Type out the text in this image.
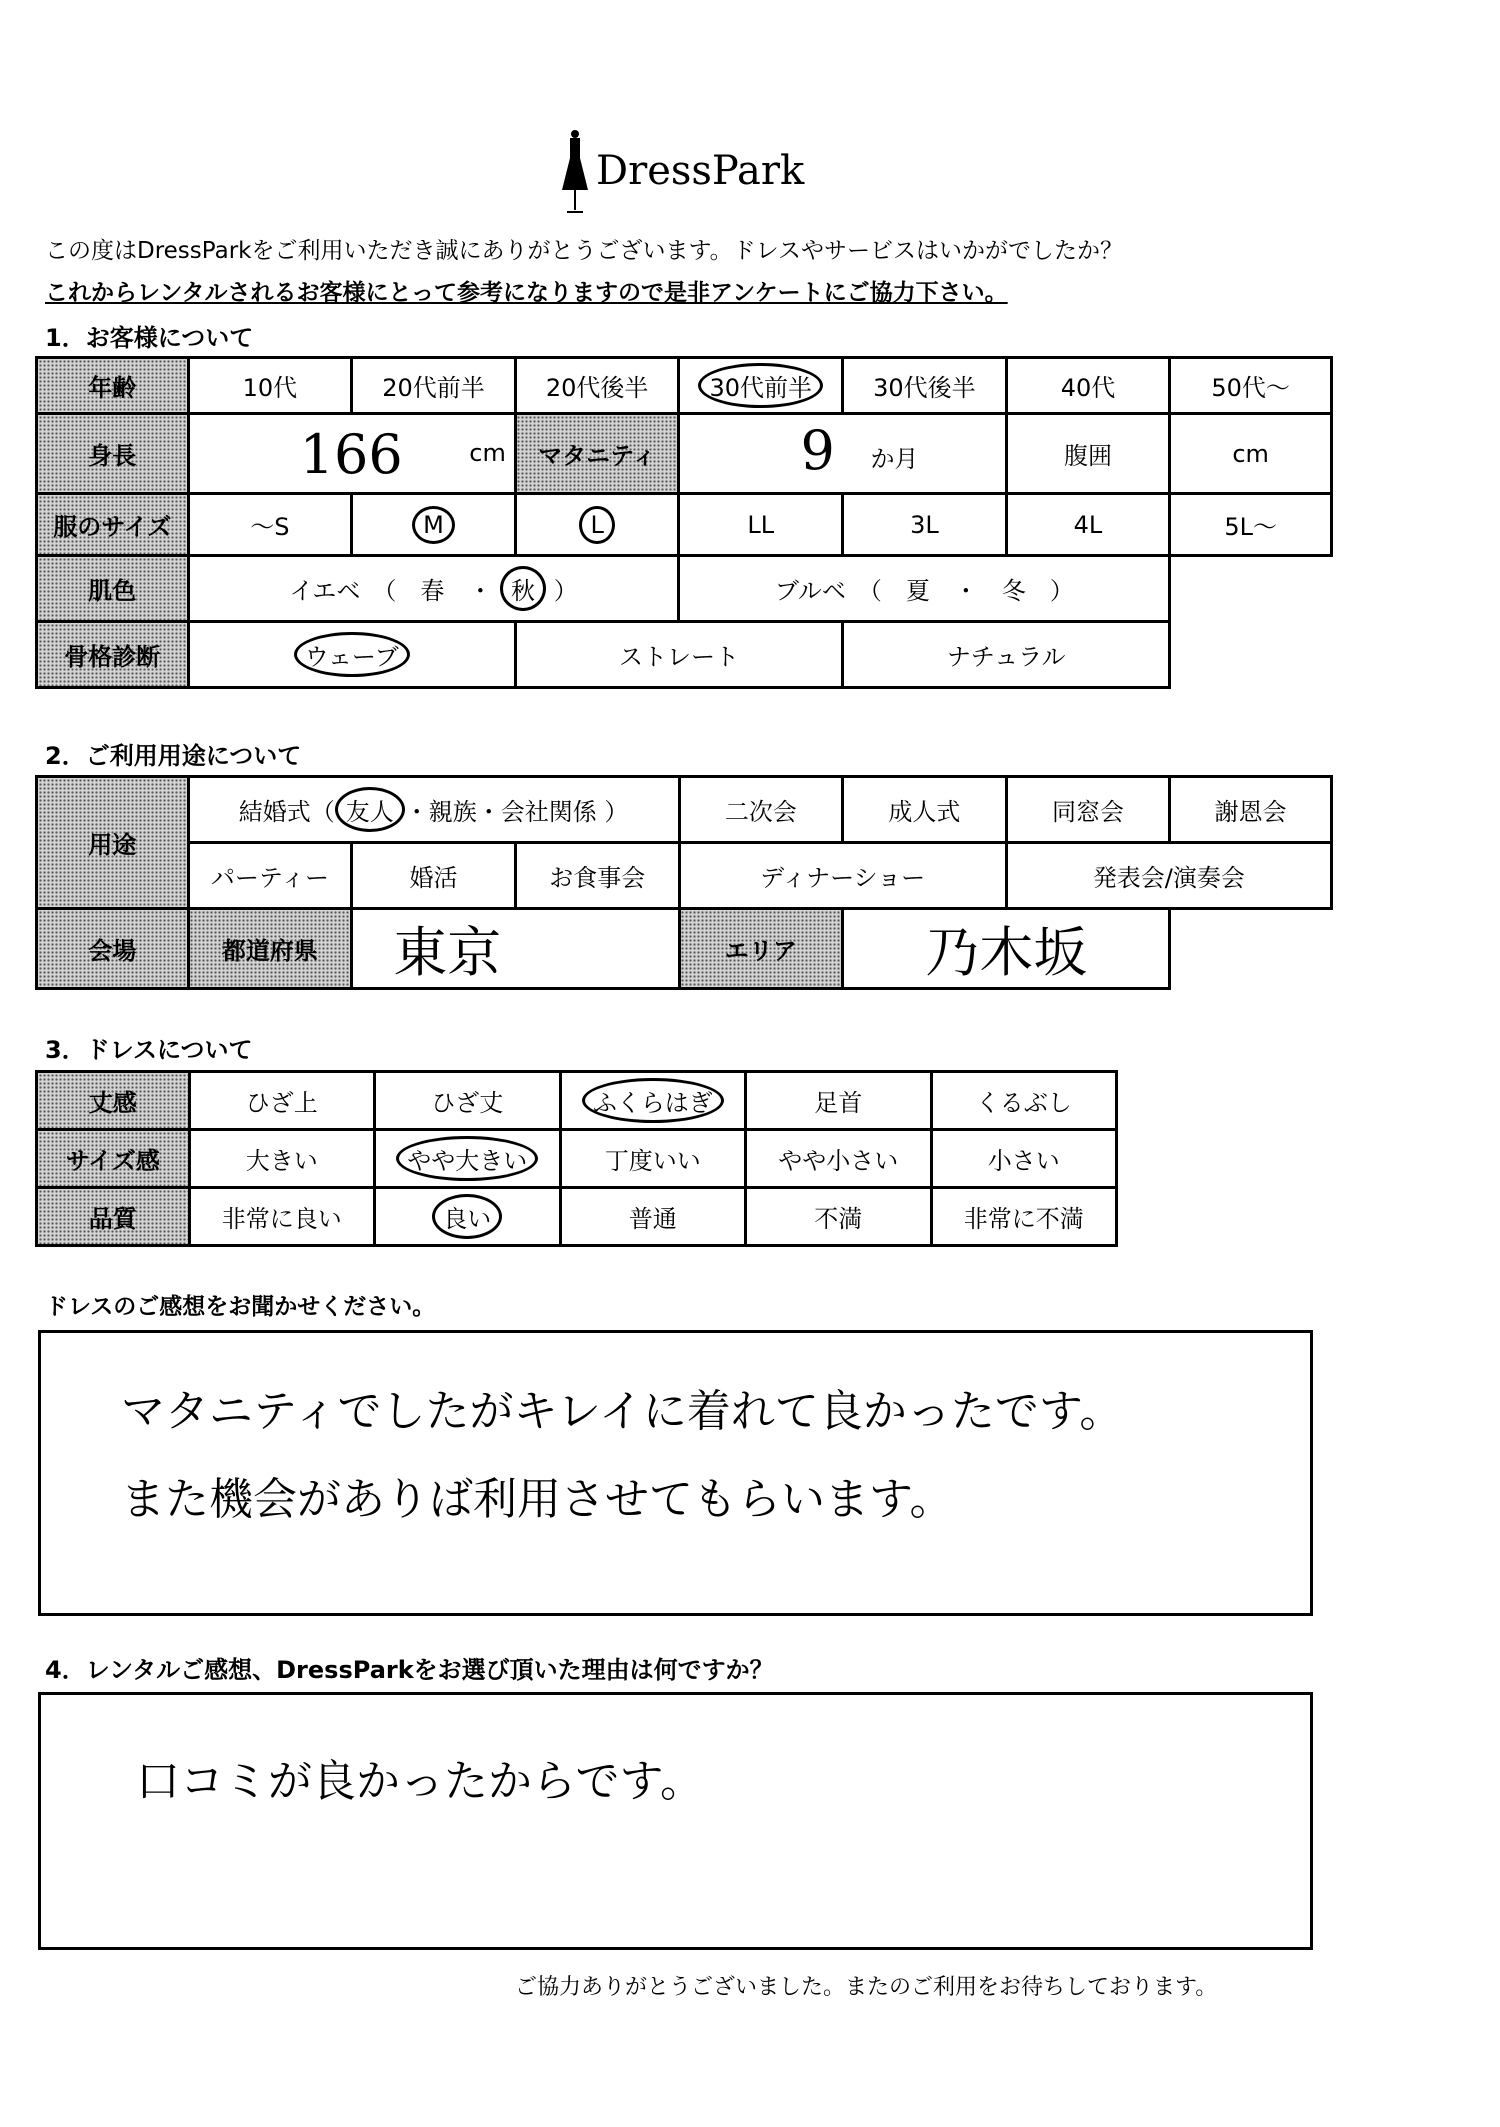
DressPark
この度はDressParkをご利用いただき誠にありがとうございます。ドレスやサービスはいかがでしたか？
これからレンタルされるお客様にとって参考になりますので是非アンケートにご協力下さい。
1．お客様について
年齢	10代	20代前半	20代後半	30代前半	30代後半	40代	50代〜
身長	166 cm		マタニティ	9 か月		腹囲	cm
服のサイズ	〜S	M	L	LL	3L	4L	5L〜
肌色	イエベ　（　春　・ 秋 ）			ブルベ　（　夏　・　冬　）			
骨格診断	ウェーブ		ストレート		ナチュラル		
2．ご利用用途について
用途	結婚式（ 友人 ・親族・会社関係 ）			二次会	成人式	同窓会	謝恩会
	パーティー	婚活	お食事会	ディナーショー		発表会/演奏会	
会場	都道府県	東京		エリア	乃木坂		
3．ドレスについて
丈感	ひざ上	ひざ丈	ふくらはぎ	足首	くるぶし
サイズ感	大きい	やや大きい	丁度いい	やや小さい	小さい
品質	非常に良い	良い	普通	不満	非常に不満
ドレスのご感想をお聞かせください。
マタニティでしたがキレイに着れて良かったです。
また機会がありば利用させてもらいます。
4．レンタルご感想、DressParkをお選び頂いた理由は何ですか？
口コミが良かったからです。
ご協力ありがとうございました。またのご利用をお待ちしております。
